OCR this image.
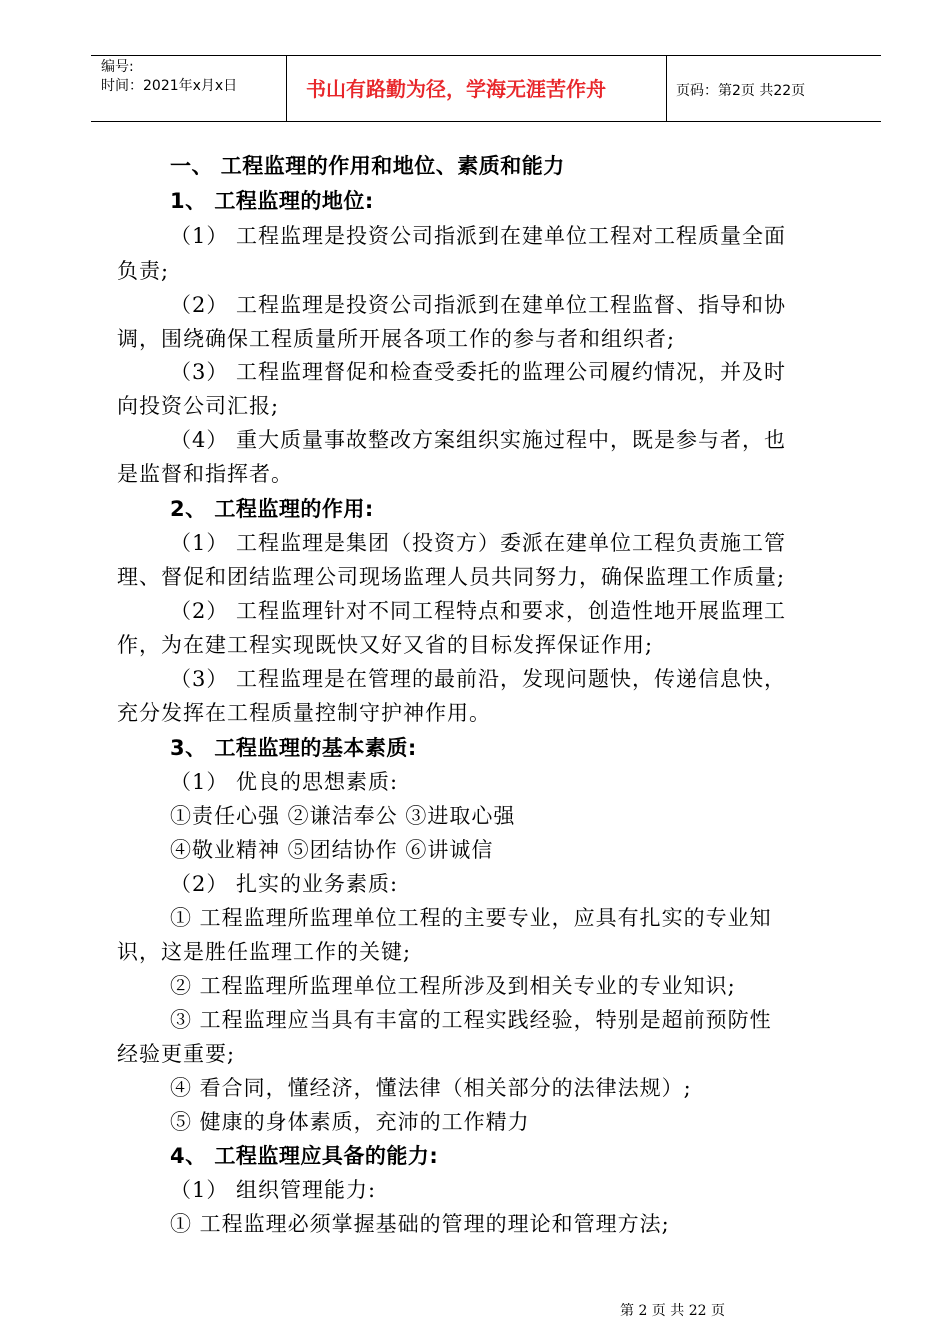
编号:
时间：2021年x月x日	书山有路勤为径，学海无涯苦作舟	页码：第2页 共22页
一、 工程监理的作用和地位、素质和能力
1、 工程监理的地位:
（1） 工程监理是投资公司指派到在建单位工程对工程质量全面
负责;
（2） 工程监理是投资公司指派到在建单位工程监督、指导和协
调，围绕确保工程质量所开展各项工作的参与者和组织者;
（3） 工程监理督促和检查受委托的监理公司履约情况，并及时
向投资公司汇报;
（4） 重大质量事故整改方案组织实施过程中，既是参与者，也
是监督和指挥者。
2、 工程监理的作用:
（1） 工程监理是集团（投资方）委派在建单位工程负责施工管
理、督促和团结监理公司现场监理人员共同努力，确保监理工作质量;
（2） 工程监理针对不同工程特点和要求，创造性地开展监理工
作，为在建工程实现既快又好又省的目标发挥保证作用;
（3） 工程监理是在管理的最前沿，发现问题快，传递信息快，
充分发挥在工程质量控制守护神作用。
3、 工程监理的基本素质:
（1） 优良的思想素质:
①责任心强 ②谦洁奉公 ③进取心强
④敬业精神 ⑤团结协作 ⑥讲诚信
（2） 扎实的业务素质:
① 工程监理所监理单位工程的主要专业，应具有扎实的专业知
识，这是胜任监理工作的关键;
② 工程监理所监理单位工程所涉及到相关专业的专业知识;
③ 工程监理应当具有丰富的工程实践经验，特别是超前预防性
经验更重要;
④ 看合同，懂经济，懂法律（相关部分的法律法规）;
⑤ 健康的身体素质，充沛的工作精力
4、 工程监理应具备的能力:
（1） 组织管理能力:
① 工程监理必须掌握基础的管理的理论和管理方法;
第 2 页 共 22 页
